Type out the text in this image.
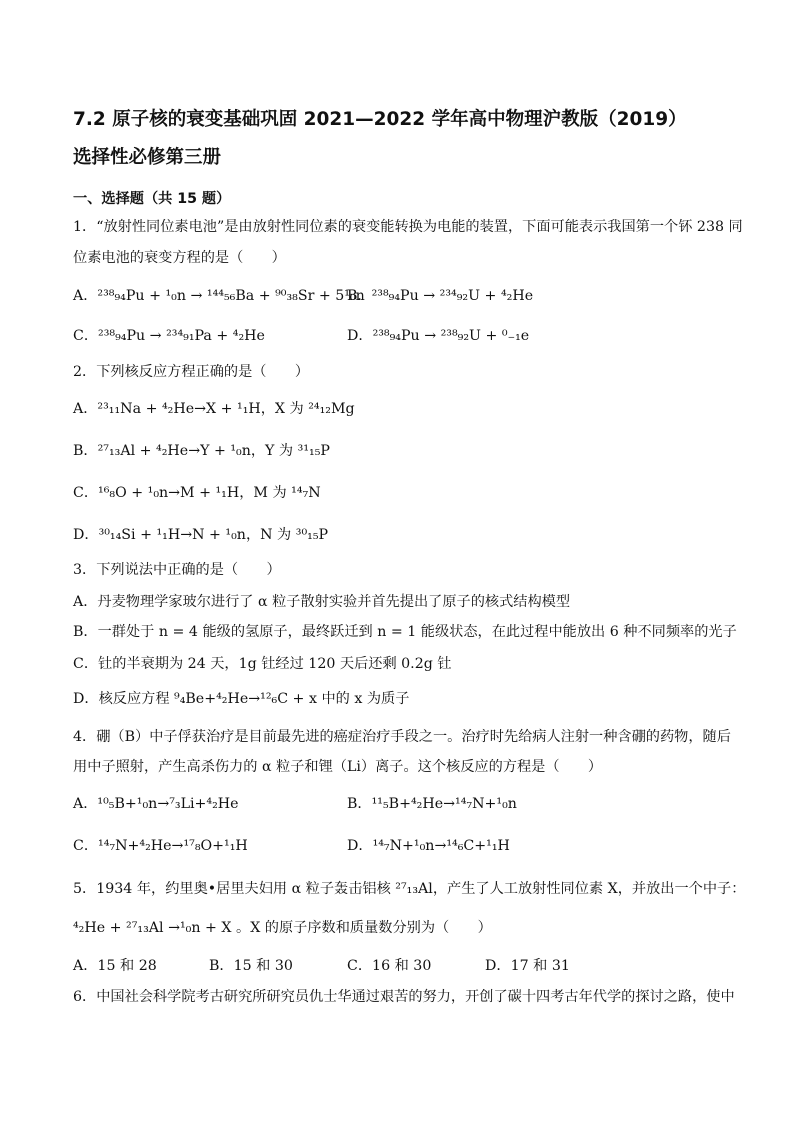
7.2 原子核的衰变基础巩固 2021—2022 学年高中物理沪教版（2019）
选择性必修第三册
一、选择题（共 15 题）
1．“放射性同位素电池”是由放射性同位素的衰变能转换为电能的装置，下面可能表示我国第一个钚 238 同
位素电池的衰变方程的是（　　）
A．²³⁸₉₄Pu + ¹₀n → ¹⁴⁴₅₆Ba + ⁹⁰₃₈Sr + 5¹₀n
B．²³⁸₉₄Pu → ²³⁴₉₂U + ⁴₂He
C．²³⁸₉₄Pu → ²³⁴₉₁Pa + ⁴₂He	D．²³⁸₉₄Pu → ²³⁸₉₂U + ⁰₋₁e
2．下列核反应方程正确的是（　　）
A．²³₁₁Na + ⁴₂He→X + ¹₁H，X 为 ²⁴₁₂Mg
B．²⁷₁₃Al + ⁴₂He→Y + ¹₀n，Y 为 ³¹₁₅P
C．¹⁶₈O + ¹₀n→M + ¹₁H，M 为 ¹⁴₇N
D．³⁰₁₄Si + ¹₁H→N + ¹₀n，N 为 ³⁰₁₅P
3．下列说法中正确的是（　　）
A．丹麦物理学家玻尔进行了 α 粒子散射实验并首先提出了原子的核式结构模型
B．一群处于 n = 4 能级的氢原子，最终跃迁到 n = 1 能级状态，在此过程中能放出 6 种不同频率的光子
C．钍的半衰期为 24 天，1g 钍经过 120 天后还剩 0.2g 钍
D．核反应方程 ⁹₄Be+⁴₂He→¹²₆C + x 中的 x 为质子
4．硼（B）中子俘获治疗是目前最先进的癌症治疗手段之一。治疗时先给病人注射一种含硼的药物，随后
用中子照射，产生高杀伤力的 α 粒子和锂（Li）离子。这个核反应的方程是（　　）
A．¹⁰₅B+¹₀n→⁷₃Li+⁴₂He	B．¹¹₅B+⁴₂He→¹⁴₇N+¹₀n
C．¹⁴₇N+⁴₂He→¹⁷₈O+¹₁H	D．¹⁴₇N+¹₀n→¹⁴₆C+¹₁H
5．1934 年，约里奥•居里夫妇用 α 粒子轰击铝核 ²⁷₁₃Al，产生了人工放射性同位素 X，并放出一个中子：
⁴₂He + ²⁷₁₃Al →¹₀n + X 。X 的原子序数和质量数分别为（　　）
A．15 和 28	B．15 和 30	C．16 和 30	D．17 和 31
6．中国社会科学院考古研究所研究员仇士华通过艰苦的努力，开创了碳十四考古年代学的探讨之路，使中
